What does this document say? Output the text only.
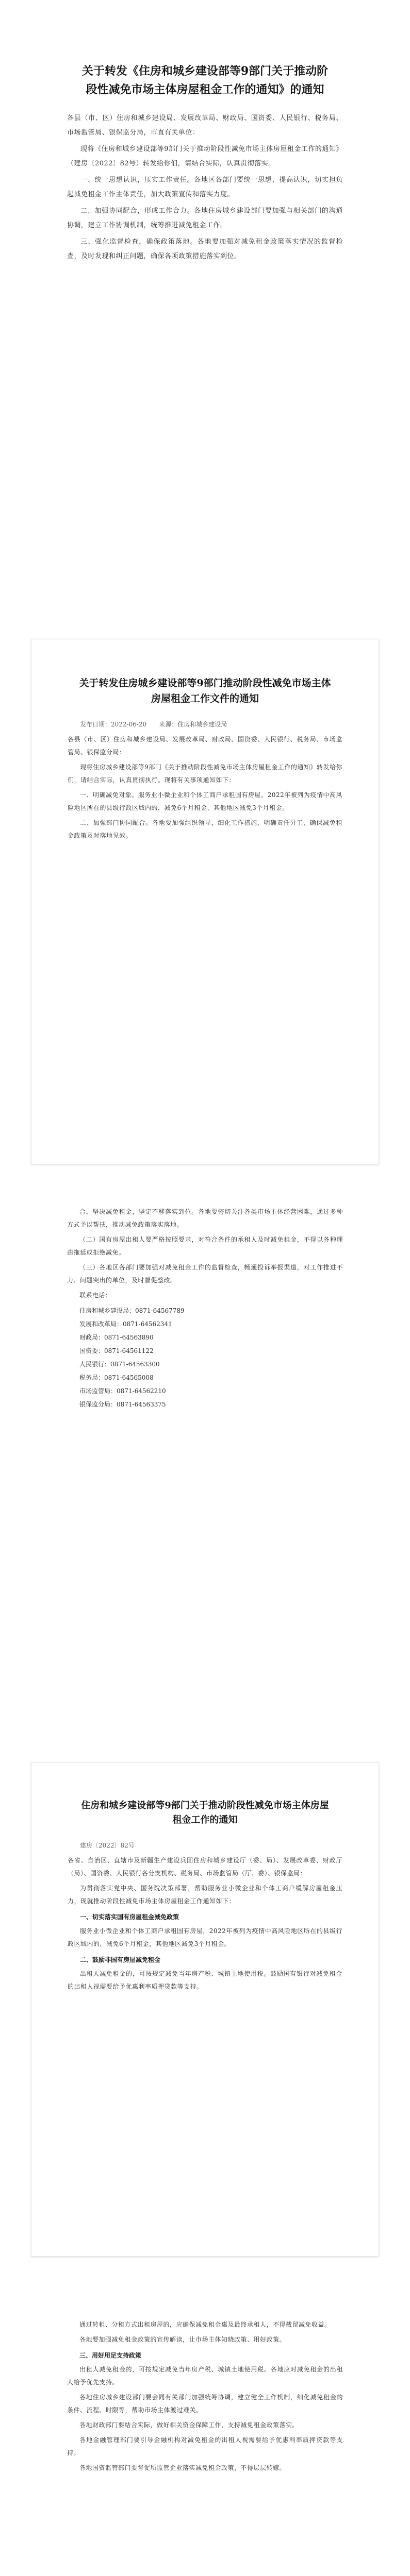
关于转发《住房和城乡建设部等9部门关于推动阶段性减免市场主体房屋租金工作的通知》的通知

各县（市、区）住房和城乡建设局、发展改革局、财政局、国资委、人民银行、税务局、市场监管局、银保监分局，市直有关单位：

现将《住房和城乡建设部等9部门关于推动阶段性减免市场主体房屋租金工作的通知》（建房〔2022〕82号）转发给你们，请结合实际，认真贯彻落实。

一、统一思想认识，压实工作责任。各地区各部门要统一思想，提高认识，切实担负起减免租金工作主体责任，加大政策宣传和落实力度。

二、加强协同配合，形成工作合力。各地住房城乡建设部门要加强与相关部门的沟通协调，建立工作协调机制，统筹推进减免租金工作。

三、强化监督检查，确保政策落地。各地要加强对减免租金政策落实情况的监督检查，及时发现和纠正问题，确保各项政策措施落实到位。

关于转发住房城乡建设部等9部门推动阶段性减免市场主体房屋租金工作文件的通知

发布日期：2022-06-20　　来源：住房和城乡建设局

各县（市、区）住房和城乡建设局、发展改革局、财政局、国资委、人民银行、税务局、市场监管局、银保监分局：

现将住房城乡建设部等9部门《关于推动阶段性减免市场主体房屋租金工作的通知》转发给你们，请结合实际，认真贯彻执行。现将有关事项通知如下：

一、明确减免对象。服务业小微企业和个体工商户承租国有房屋，2022年被列为疫情中高风险地区所在的县级行政区域内的，减免6个月租金，其他地区减免3个月租金。

二、加强部门协同配合。各地要加强组织领导，细化工作措施，明确责任分工，确保减免租金政策及时落地见效。

合，坚决减免租金，坚定不移落实到位。各地要密切关注各类市场主体经营困难，通过多种方式予以帮扶，推动减免政策落实落地。

（二）国有房屋出租人要严格按照要求，对符合条件的承租人及时减免租金，不得以各种理由拖延或拒绝减免。

（三）各地区各部门要加强对减免租金工作的监督检查，畅通投诉举报渠道，对工作推进不力、问题突出的单位，及时督促整改。

联系电话：

住房和城乡建设局：0871-64567789

发展和改革局：0871-64562341

财政局：0871-64563890

国资委：0871-64561122

人民银行：0871-64563300

税务局：0871-64565008

市场监管局：0871-64562210

银保监分局：0871-64563375

住房和城乡建设部等9部门关于推动阶段性减免市场主体房屋租金工作的通知

建房〔2022〕82号

各省、自治区、直辖市及新疆生产建设兵团住房和城乡建设厅（委、局）、发展改革委、财政厅（局）、国资委、人民银行各分支机构、税务局、市场监管局（厅、委）、银保监局：

为贯彻落实党中央、国务院决策部署，帮助服务业小微企业和个体工商户缓解房屋租金压力，现就推动阶段性减免市场主体房屋租金工作通知如下：

一、切实落实国有房屋租金减免政策

服务业小微企业和个体工商户承租国有房屋，2022年被列为疫情中高风险地区所在的县级行政区域内的，减免6个月租金，其他地区减免3个月租金。

二、鼓励非国有房屋减免租金

出租人减免租金的，可按规定减免当年房产税、城镇土地使用税。鼓励国有银行对减免租金的出租人视需要给予优惠利率质押贷款等支持。

通过转租、分租方式出租房屋的，应确保减免租金惠及最终承租人，不得截留减免收益。

各地要加强减免租金政策的宣传解读，让市场主体知晓政策、用好政策。

三、用好用足支持政策

出租人减免租金的，可按规定减免当年房产税、城镇土地使用税。各地应对减免租金的出租人给予优先支持。

各地住房城乡建设部门要会同有关部门加强统筹协调，建立健全工作机制，细化减免租金的条件、流程、时限等，帮助市场主体渡过难关。

各地财政部门要结合实际，做好相关资金保障工作，支持减免租金政策落实。

各地金融管理部门要引导金融机构对减免租金的出租人视需要给予优惠利率质押贷款等支持。

各地国资监管部门要督促所监管企业落实减免租金政策，不得层层转嫁。
